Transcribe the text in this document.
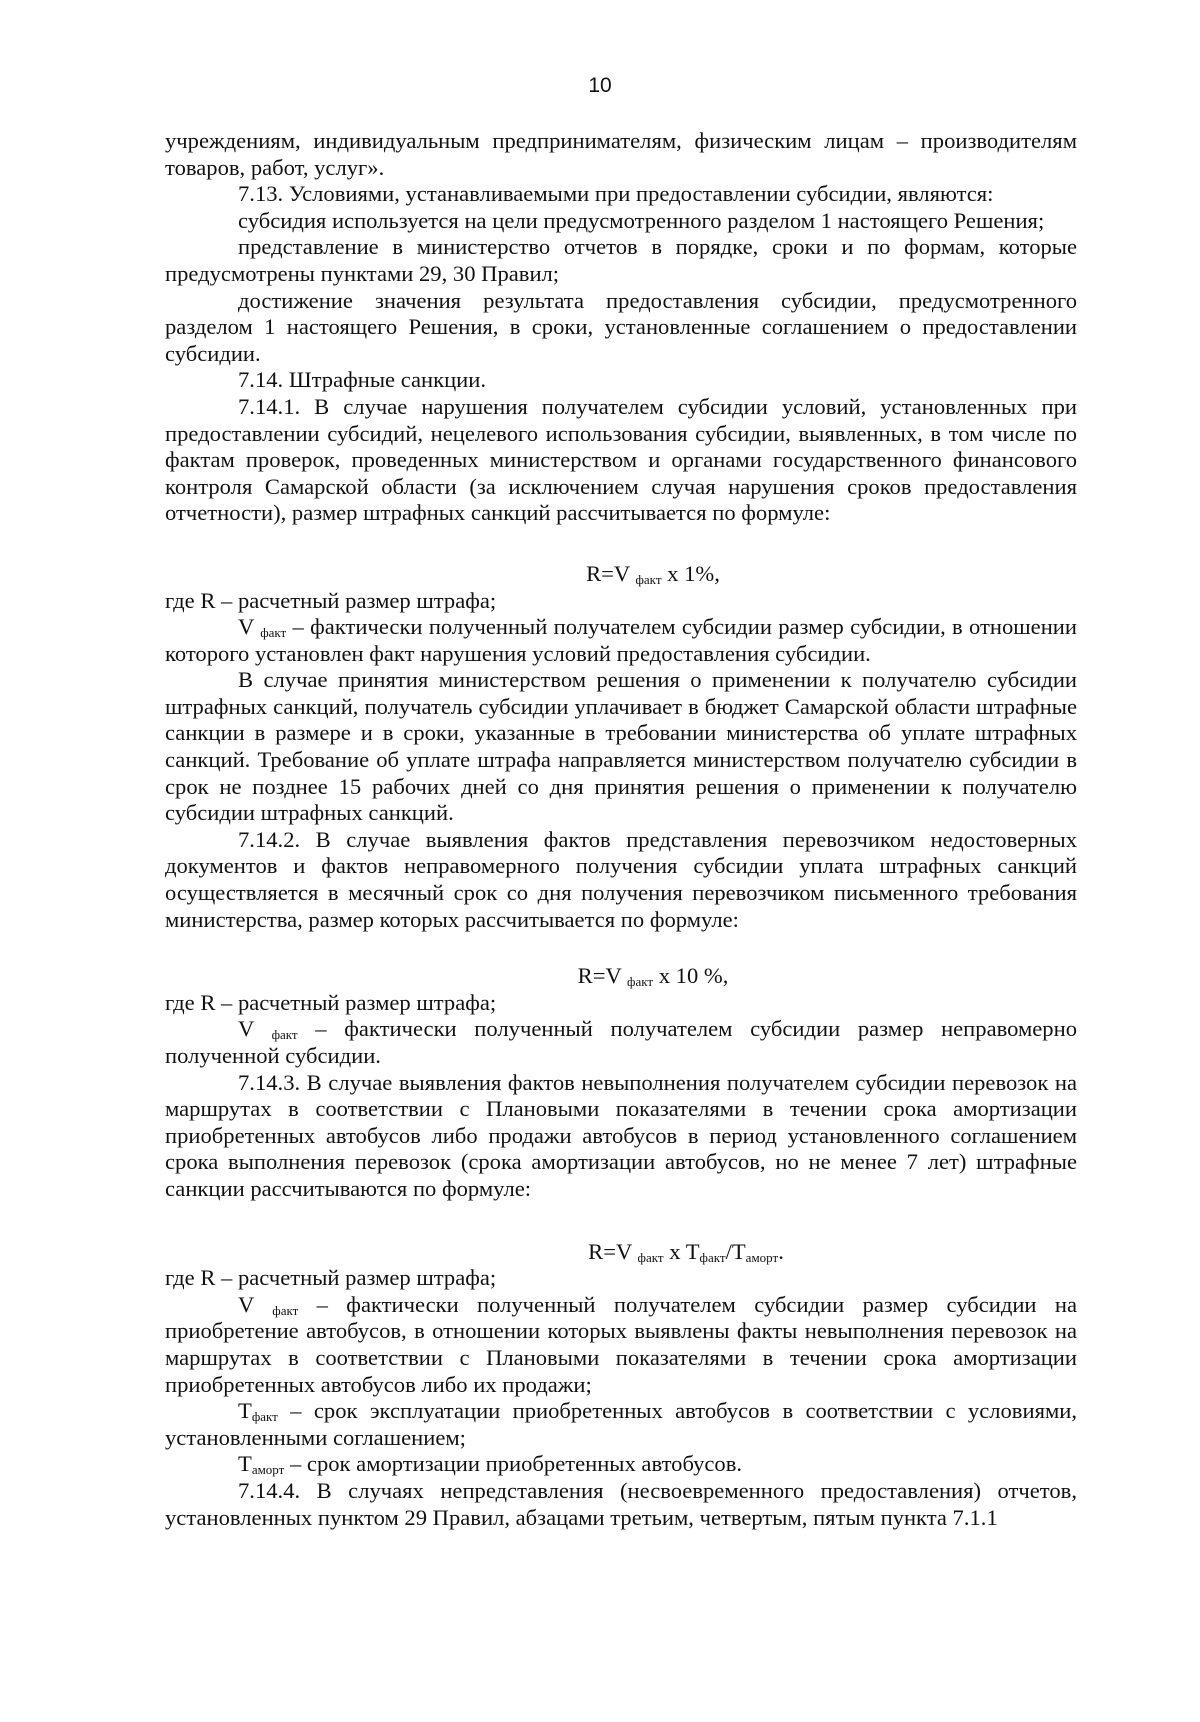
10

учреждениям, индивидуальным предпринимателям, физическим лицам – производителям товаров, работ, услуг».

7.13. Условиями, устанавливаемыми при предоставлении субсидии, являются:

субсидия используется на цели предусмотренного разделом 1 настоящего Решения;

представление в министерство отчетов в порядке, сроки и по формам, которые предусмотрены пунктами 29, 30 Правил;

достижение значения результата предоставления субсидии, предусмотренного разделом 1 настоящего Решения, в сроки, установленные соглашением о предоставлении субсидии.

7.14. Штрафные санкции.

7.14.1. В случае нарушения получателем субсидии условий, установленных при предоставлении субсидий, нецелевого использования субсидии, выявленных, в том числе по фактам проверок, проведенных министерством и органами государственного финансового контроля Самарской области (за исключением случая нарушения сроков предоставления отчетности), размер штрафных санкций рассчитывается по формуле:

R=V $_{факт}$ x 1%,

где R – расчетный размер штрафа;

V $_{факт}$ – фактически полученный получателем субсидии размер субсидии, в отношении которого установлен факт нарушения условий предоставления субсидии.

В случае принятия министерством решения о применении к получателю субсидии штрафных санкций, получатель субсидии уплачивает в бюджет Самарской области штрафные санкции в размере и в сроки, указанные в требовании министерства об уплате штрафных санкций. Требование об уплате штрафа направляется министерством получателю субсидии в срок не позднее 15 рабочих дней со дня принятия решения о применении к получателю субсидии штрафных санкций.

7.14.2. В случае выявления фактов представления перевозчиком недостоверных документов и фактов неправомерного получения субсидии уплата штрафных санкций осуществляется в месячный срок со дня получения перевозчиком письменного требования министерства, размер которых рассчитывается по формуле:

R=V $_{факт}$ x 10 %,

где R – расчетный размер штрафа;

V $_{факт}$ – фактически полученный получателем субсидии размер неправомерно полученной субсидии.

7.14.3. В случае выявления фактов невыполнения получателем субсидии перевозок на маршрутах в соответствии с Плановыми показателями в течении срока амортизации приобретенных автобусов либо продажи автобусов в период установленного соглашением срока выполнения перевозок (срока амортизации автобусов, но не менее 7 лет) штрафные санкции рассчитываются по формуле:

R=V $_{факт}$ x $T_{факт}/T_{аморт}$.

где R – расчетный размер штрафа;

V $_{факт}$ – фактически полученный получателем субсидии размер субсидии на приобретение автобусов, в отношении которых выявлены факты невыполнения перевозок на маршрутах в соответствии с Плановыми показателями в течении срока амортизации приобретенных автобусов либо их продажи;

$T_{факт}$ – срок эксплуатации приобретенных автобусов в соответствии с условиями, установленными соглашением;

$T_{аморт}$ – срок амортизации приобретенных автобусов.

7.14.4. В случаях непредставления (несвоевременного предоставления) отчетов, установленных пунктом 29 Правил, абзацами третьим, четвертым, пятым пункта 7.1.1
